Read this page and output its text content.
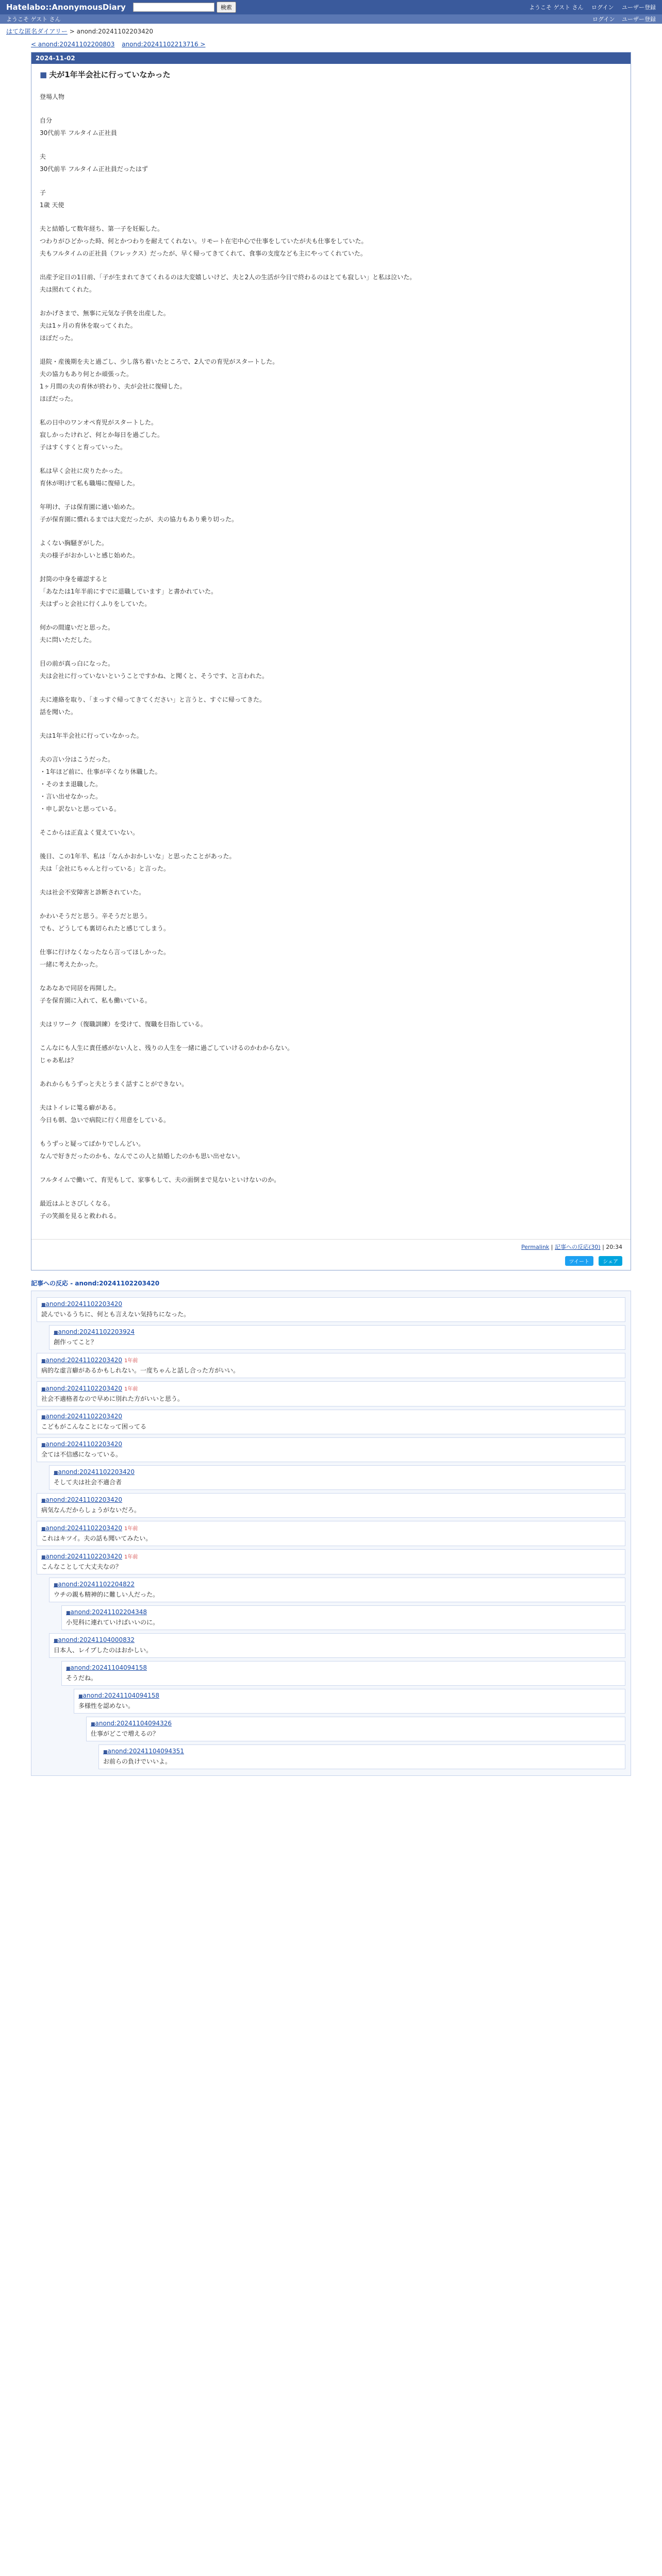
Hatelabo::AnonymousDiary	検索	ようこそ ゲスト さん ログイン ユーザー登録
ようこそ ゲスト さん	ログイン ユーザー登録
はてな匿名ダイアリー > anond:20241102203420
< anond:20241102200803 anond:20241102213716 >
2024-11-02
■ 夫が1年半会社に行っていなかった

登場人物

自分

30代前半 フルタイム正社員

夫

30代前半 フルタイム正社員だったはず

子

1歳 天使

夫と結婚して数年経ち、第一子を妊娠した。

つわりがひどかった時、何とかつわりを耐えてくれない。リモート在宅中心で仕事をしていたが夫も仕事をしていた。

夫もフルタイムの正社員（フレックス）だったが、早く帰ってきてくれて、食事の支度なども主にやってくれていた。

出産予定日の1日前、「子が生まれてきてくれるのは大変嬉しいけど、夫と2人の生活が今日で終わるのはとても寂しい」と私は泣いた。

夫は照れてくれた。

おかげさまで、無事に元気な子供を出産した。

夫は1ヶ月の育休を取ってくれた。

ほぼだった。

退院・産後期を夫と過ごし、少し落ち着いたところで、2人での育児がスタートした。

夫の協力もあり何とか頑張った。

1ヶ月間の夫の育休が終わり、夫が会社に復帰した。

ほぼだった。

私の日中のワンオペ育児がスタートした。

寂しかったけれど、何とか毎日を過ごした。

子はすくすくと育っていった。

私は早く会社に戻りたかった。

育休が明けて私も職場に復帰した。

年明け、子は保育園に通い始めた。

子が保育園に慣れるまでは大変だったが、夫の協力もあり乗り切った。

よくない胸騒ぎがした。

夫の様子がおかしいと感じ始めた。

封筒の中身を確認すると

「あなたは1年半前にすでに退職しています」と書かれていた。

夫はずっと会社に行くふりをしていた。

何かの間違いだと思った。

夫に問いただした。

目の前が真っ白になった。

夫は会社に行っていないということですかね、と聞くと、そうです、と言われた。

夫に連絡を取り、「まっすぐ帰ってきてください」と言うと、すぐに帰ってきた。

話を聞いた。

夫は1年半会社に行っていなかった。

夫の言い分はこうだった。

・1年ほど前に、仕事が辛くなり休職した。

・そのまま退職した。

・言い出せなかった。

・申し訳ないと思っている。

そこからは正直よく覚えていない。

後日、この1年半、私は「なんかおかしいな」と思ったことがあった。

夫は「会社にちゃんと行っている」と言った。

夫は社会不安障害と診断されていた。

かわいそうだと思う。辛そうだと思う。

でも、どうしても裏切られたと感じてしまう。

仕事に行けなくなったなら言ってほしかった。

一緒に考えたかった。

なあなあで同居を再開した。

子を保育園に入れて、私も働いている。

夫はリワーク（復職訓練）を受けて、復職を目指している。

こんなにも人生に責任感がない人と、残りの人生を一緒に過ごしていけるのかわからない。

じゃあ私は？

あれからもうずっと夫とうまく話すことができない。

夫はトイレに篭る癖がある。

今日も朝、急いで病院に行く用意をしている。

もうずっと疑ってばかりでしんどい。

なんで好きだったのかも、なんでこの人と結婚したのかも思い出せない。

フルタイムで働いて、育児もして、家事もして、夫の面倒まで見ないといけないのか。

最近はふとさびしくなる。

子の笑顔を見ると救われる。

Permalink | 記事への反応(30) | 20:34
ツイート	シェア
記事への反応 - anond:20241102203420
■ anond:20241102203420
読んでいるうちに、何とも言えない気持ちになった。
■ anond:20241102203924
創作ってこと？
■ anond:20241102203420 1年前
病的な虚言癖があるかもしれない。一度ちゃんと話し合った方がいい。
■ anond:20241102203420 1年前
社会不適格者なので早めに別れた方がいいと思う。
■ anond:20241102203420
こどもがこんなことになって困ってる
■ anond:20241102203420
全ては不信感になっている。
■ anond:20241102203420
そして夫は社会不適合者
■ anond:20241102203420
病気なんだからしょうがないだろ。
■ anond:20241102203420 1年前
これはキツイ。夫の話も聞いてみたい。
■ anond:20241102203420 1年前
こんなことして大丈夫なの？
■ anond:20241102204822
ウチの親も精神的に難しい人だった。
■ anond:20241102204348
小児科に連れていけばいいのに。
■ anond:20241104000832
日本人、レイプしたのはおかしい。
■ anond:20241104094158
そうだね。
■ anond:20241104094158
多様性を認めない。
■ anond:20241104094326
仕事がどこで増えるの？
■ anond:20241104094351
お前らの負けでいいよ。
